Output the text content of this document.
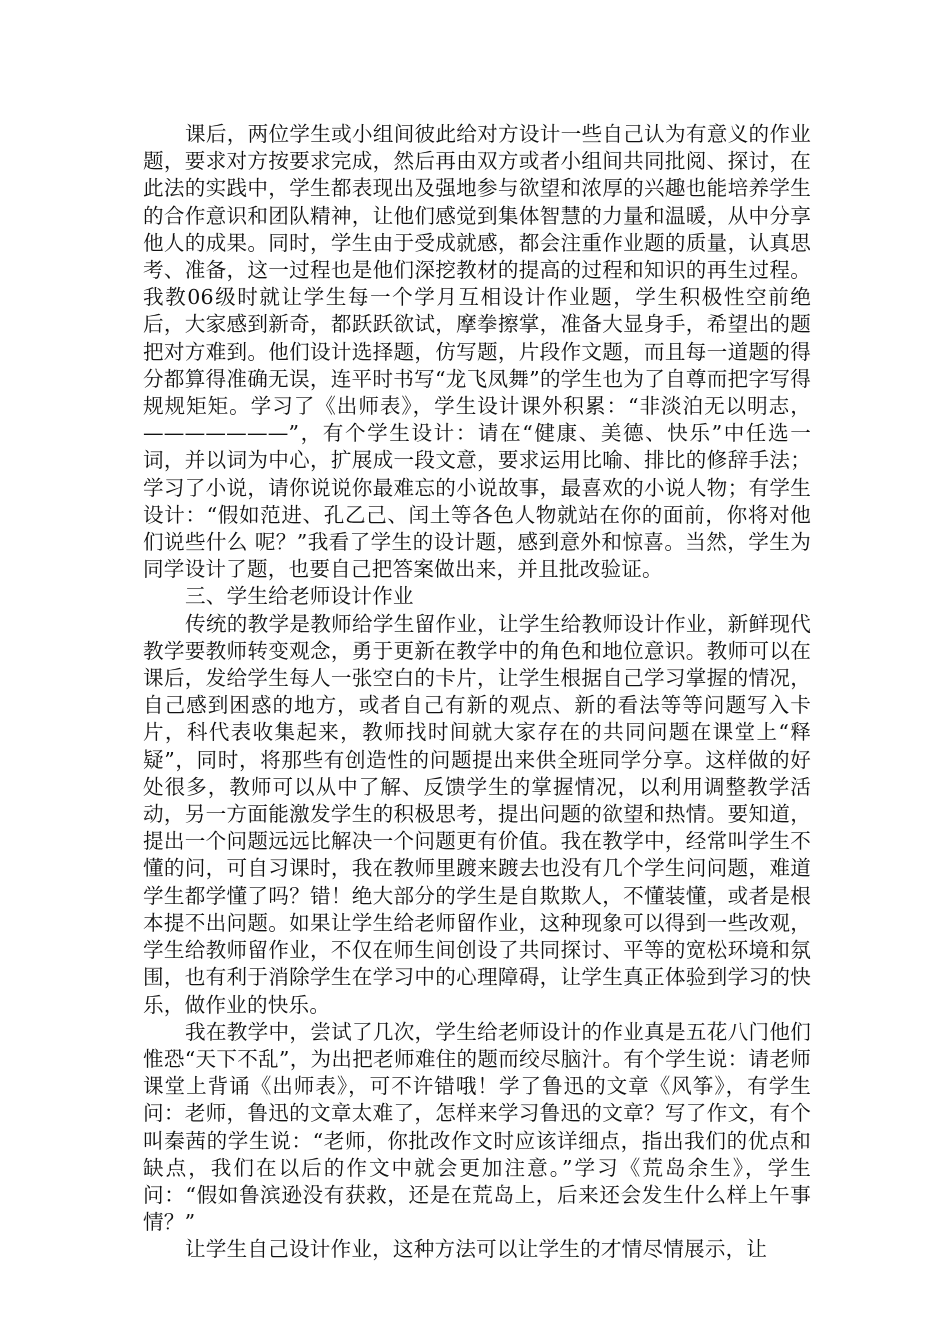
课后，两位学生或小组间彼此给对方设计一些自己认为有意义的作业题，要求对方按要求完成，然后再由双方或者小组间共同批阅、探讨，在此法的实践中，学生都表现出及强地参与欲望和浓厚的兴趣也能培养学生的合作意识和团队精神，让他们感觉到集体智慧的力量和温暖，从中分享他人的成果。同时，学生由于受成就感，都会注重作业题的质量，认真思考、准备，这一过程也是他们深挖教材的提高的过程和知识的再生过程。我教06级时就让学生每一个学月互相设计作业题，学生积极性空前绝后，大家感到新奇，都跃跃欲试，摩拳擦掌，准备大显身手，希望出的题把对方难到。他们设计选择题，仿写题，片段作文题，而且每一道题的得分都算得准确无误，连平时书写“龙飞凤舞”的学生也为了自尊而把字写得规规矩矩。学习了《出师表》，学生设计课外积累：“非淡泊无以明志，———————”，有个学生设计：请在“健康、美德、快乐”中任选一词，并以词为中心，扩展成一段文意，要求运用比喻、排比的修辞手法；学习了小说，请你说说你最难忘的小说故事，最喜欢的小说人物；有学生设计：“假如范进、孔乙己、闰土等各色人物就站在你的面前，你将对他们说些什么 呢？”我看了学生的设计题，感到意外和惊喜。当然，学生为同学设计了题，也要自己把答案做出来，并且批改验证。

三、学生给老师设计作业

传统的教学是教师给学生留作业，让学生给教师设计作业，新鲜现代教学要教师转变观念，勇于更新在教学中的角色和地位意识。教师可以在课后，发给学生每人一张空白的卡片，让学生根据自己学习掌握的情况，自己感到困惑的地方，或者自己有新的观点、新的看法等等问题写入卡片，科代表收集起来，教师找时间就大家存在的共同问题在课堂上“释疑”，同时，将那些有创造性的问题提出来供全班同学分享。这样做的好处很多，教师可以从中了解、反馈学生的掌握情况，以利用调整教学活动，另一方面能激发学生的积极思考，提出问题的欲望和热情。要知道，提出一个问题远远比解决一个问题更有价值。我在教学中，经常叫学生不懂的问，可自习课时，我在教师里踱来踱去也没有几个学生问问题，难道学生都学懂了吗？错！绝大部分的学生是自欺欺人，不懂装懂，或者是根本提不出问题。如果让学生给老师留作业，这种现象可以得到一些改观，学生给教师留作业，不仅在师生间创设了共同探讨、平等的宽松环境和氛围，也有利于消除学生在学习中的心理障碍，让学生真正体验到学习的快乐，做作业的快乐。

我在教学中，尝试了几次，学生给老师设计的作业真是五花八门他们惟恐“天下不乱”，为出把老师难住的题而绞尽脑汁。有个学生说：请老师课堂上背诵《出师表》，可不许错哦！学了鲁迅的文章《风筝》，有学生问：老师，鲁迅的文章太难了，怎样来学习鲁迅的文章？写了作文，有个叫秦茜的学生说：“老师，你批改作文时应该详细点，指出我们的优点和缺点，我们在以后的作文中就会更加注意。”学习《荒岛余生》，学生问：“假如鲁滨逊没有获救，还是在荒岛上，后来还会发生什么样上午事情？”

让学生自己设计作业，这种方法可以让学生的才情尽情展示，让
